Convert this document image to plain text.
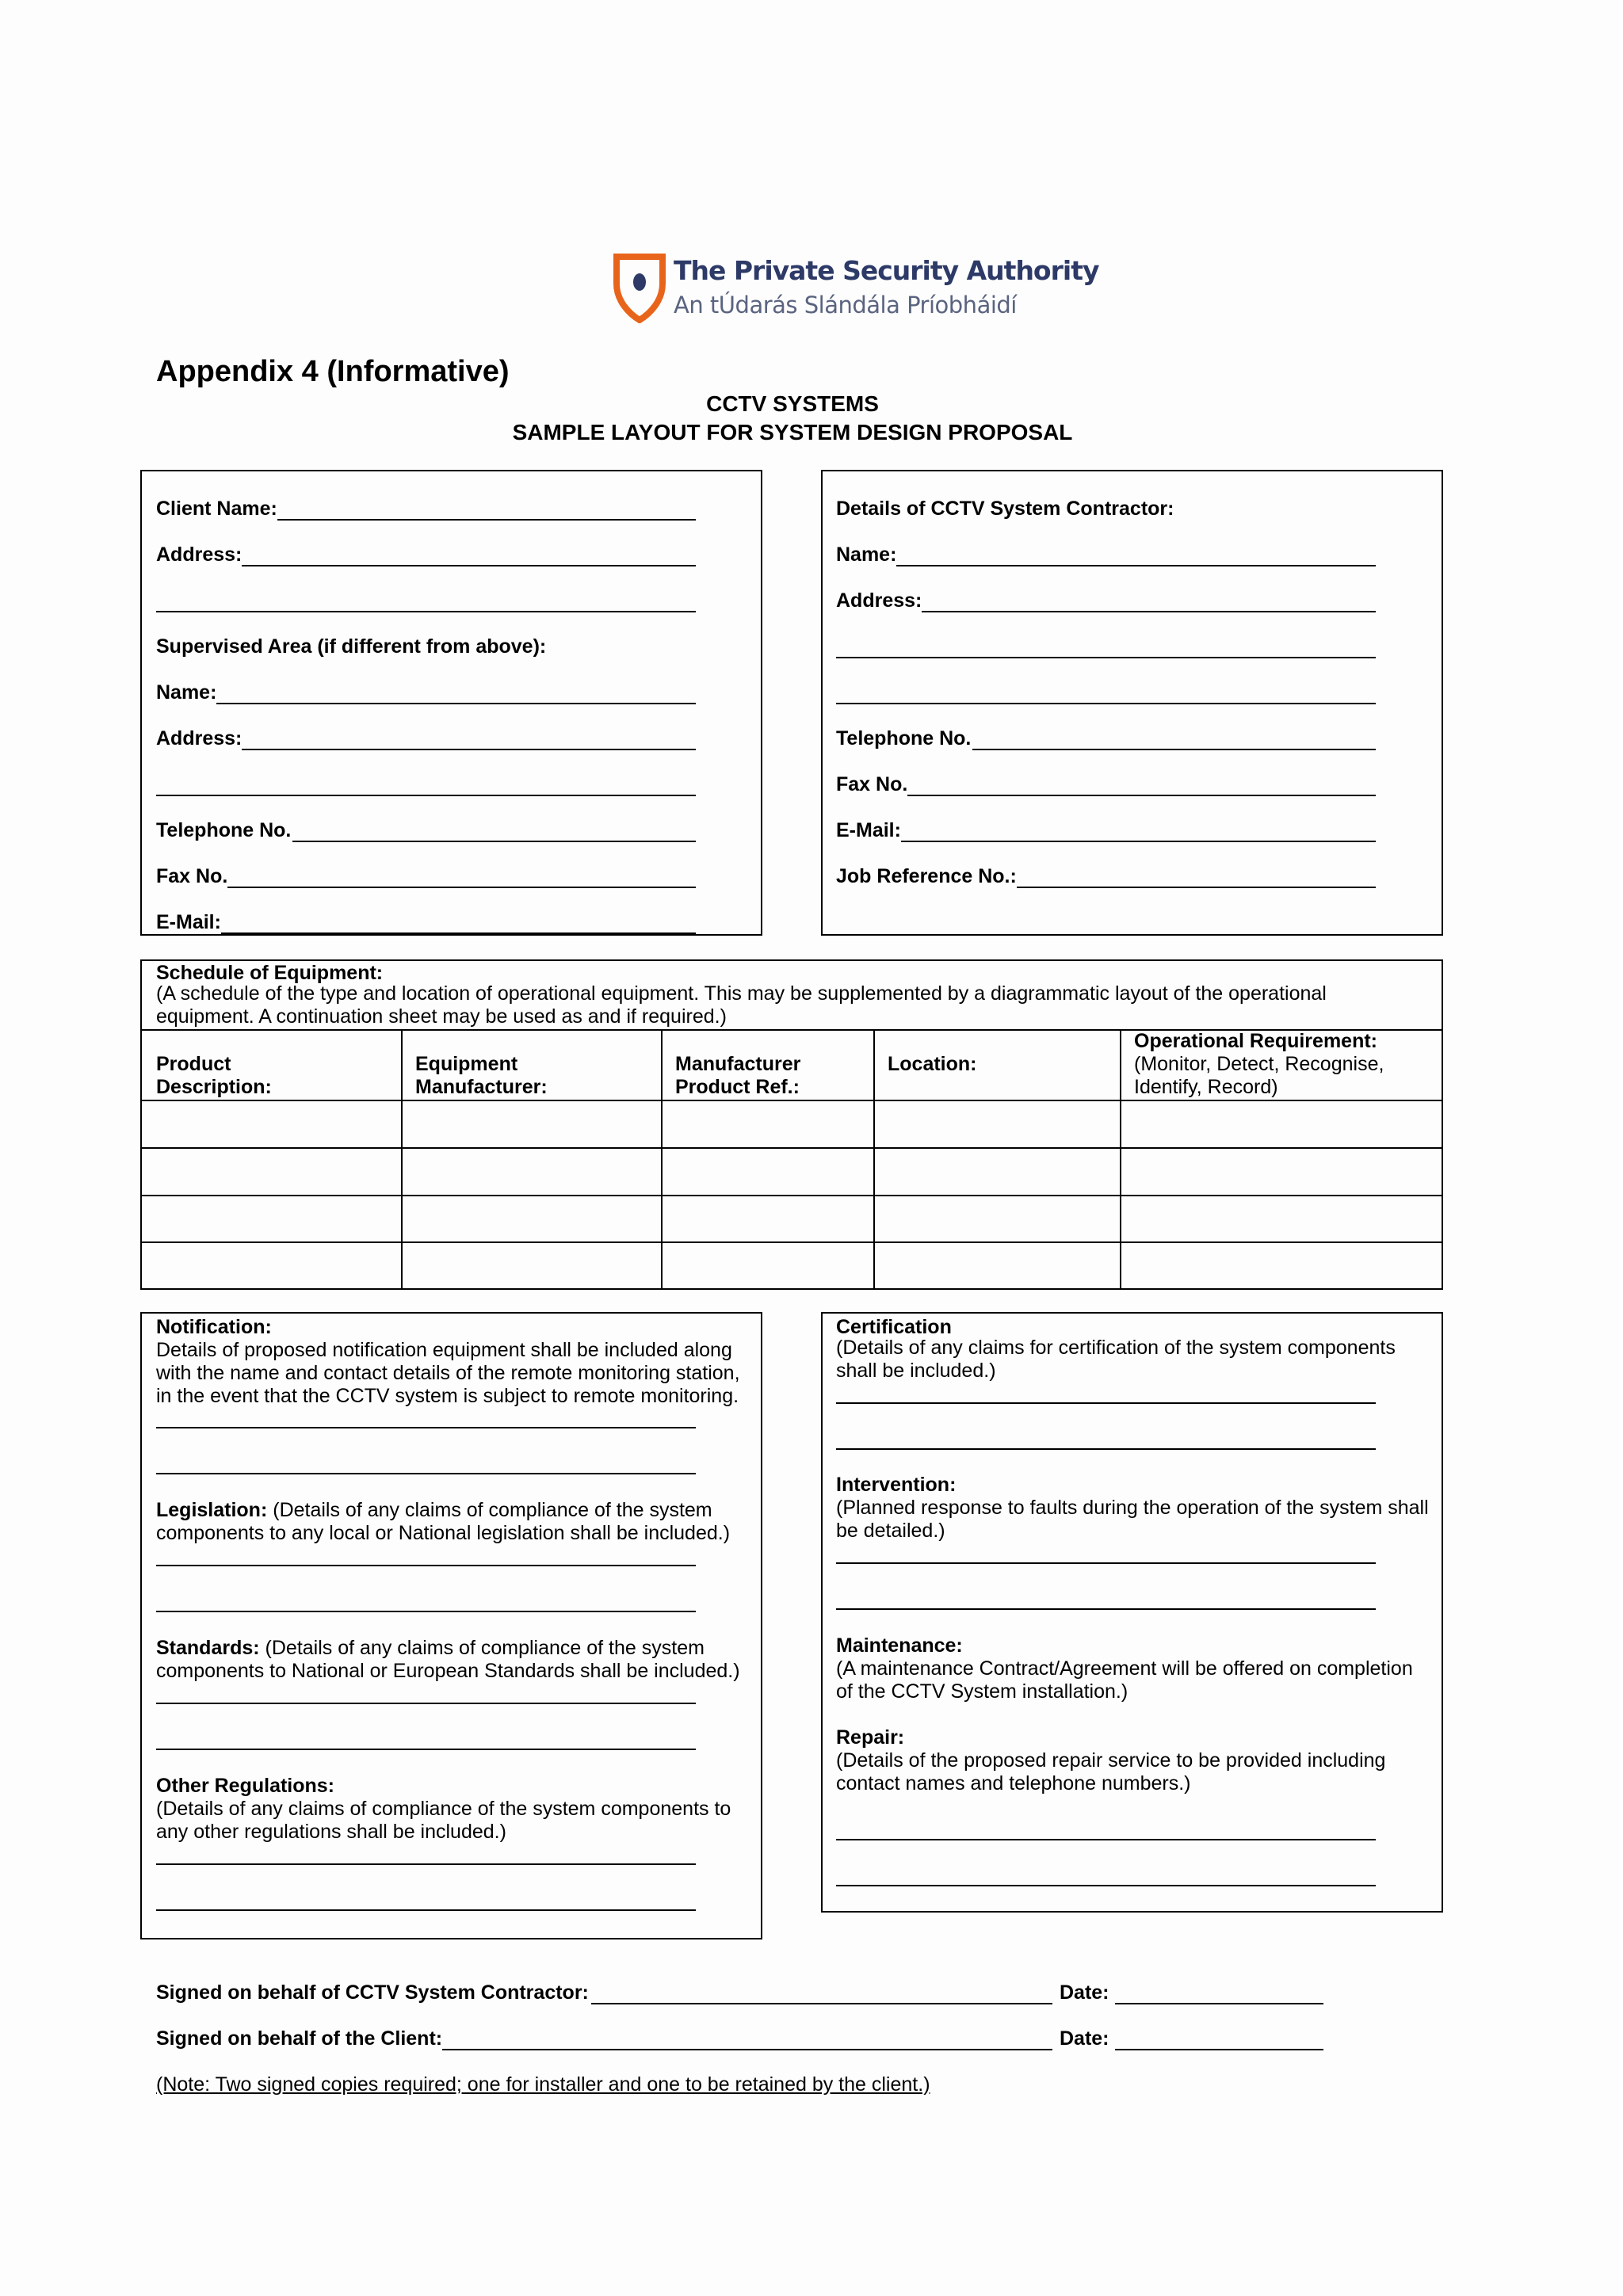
The Private Security Authority
An tÚdarás Slándála Príobháidí
Appendix 4 (Informative)
CCTV SYSTEMS
SAMPLE LAYOUT FOR SYSTEM DESIGN PROPOSAL
Client Name:
Address:
Supervised Area (if different from above):
Name:
Address:
Telephone No.
Fax No.
E-Mail:
Details of CCTV System Contractor:
Name:
Address:
Telephone No.
Fax No.
E-Mail:
Job Reference No.:
Schedule of Equipment:
(A schedule of the type and location of operational equipment. This may be supplemented by a diagrammatic layout of the operational equipment. A continuation sheet may be used as and if required.)
Product
Description:
Equipment
Manufacturer:
Manufacturer
Product Ref.:
Location:
Operational Requirement:
(Monitor, Detect, Recognise, Identify, Record)
Notification:
Details of proposed notification equipment shall be included along with the name and contact details of the remote monitoring station, in the event that the CCTV system is subject to remote monitoring.
Legislation: (Details of any claims of compliance of the system components to any local or National legislation shall be included.)
Standards: (Details of any claims of compliance of the system components to National or European Standards shall be included.)
Other Regulations:
(Details of any claims of compliance of the system components to any other regulations shall be included.)
Certification
(Details of any claims for certification of the system components shall be included.)
Intervention:
(Planned response to faults during the operation of the system shall be detailed.)
Maintenance:
(A maintenance Contract/Agreement will be offered on completion of the CCTV System installation.)
Repair:
(Details of the proposed repair service to be provided including contact names and telephone numbers.)
Signed on behalf of CCTV System Contractor:	Date:
Signed on behalf of the Client:	Date:
(Note: Two signed copies required; one for installer and one to be retained by the client.)
